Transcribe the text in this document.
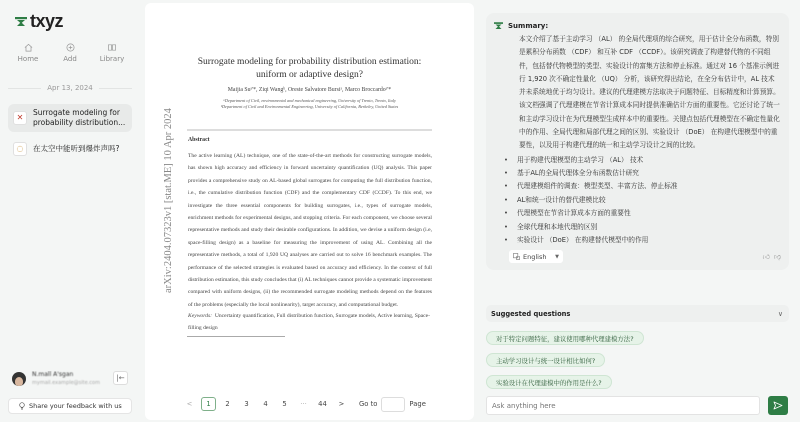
txyz
Home	Add	Library
Apr 13, 2024
✕
Surrogate modeling for probability distribution...
◌	在太空中能听到爆炸声吗?
N.mall A'sgan
mymail.example@site.com
|←
Share your feedback with us
arXiv:2404.07323v1 [stat.ME] 10 Apr 2024
Surrogate modeling for probability distribution estimation:
uniform or adaptive design?
Maijia Suᵃ'*, Ziqi Wangᵇ, Oreste Salvatore Bursiᵃ, Marco Broccardoᵃ'*
ᵃDepartment of Civil, environmental and mechanical engineering, University of Trento, Trento, Italy
ᵇDepartment of Civil and Environmental Engineering, University of California, Berkeley, United States
Abstract
The active learning (AL) technique, one of the state-of-the-art methods for constructing surrogate models, has shown high accuracy and efficiency in forward uncertainty quantification (UQ) analysis. This paper provides a comprehensive study on AL-based global surrogates for computing the full distribution function, i.e., the cumulative distribution function (CDF) and the complementary CDF (CCDF). To this end, we investigate the three essential components for building surrogates, i.e., types of surrogate models, enrichment methods for experimental designs, and stopping criteria. For each component, we choose several representative methods and study their desirable configurations. In addition, we devise a uniform design (i.e, space-filling design) as a baseline for measuring the improvement of using AL. Combining all the representative methods, a total of 1,920 UQ analyses are carried out to solve 16 benchmark examples. The performance of the selected strategies is evaluated based on accuracy and efficiency. In the context of full distribution estimation, this study concludes that (i) AL techniques cannot provide a systematic improvement compared with uniform designs, (ii) the recommended surrogate modeling methods depend on the features of the problems (especially the local nonlinearity), target accuracy, and computational budget.
Keywords: Uncertainty quantification, Full distribution function, Surrogate models, Active learning, Space-filling design
<	1	2	3	4	5	···	44	>	Go to	Page
Summary:
本文介绍了基于主动学习 （AL） 的全局代理项的综合研究，用于估计全分布函数，特别是累积分布函数 （CDF） 和互补 CDF （CCDF）。该研究调查了构建替代物的不同组件，包括替代物模型的类型、实验设计的富集方法和停止标准。通过对 16 个基准示例进行 1,920 次不确定性量化 （UQ） 分析，该研究得出结论，在全分布估计中，AL 技术并未系统地优于均匀设计。建议的代理建模方法取决于问题特征、目标精度和计算预算。该文档强调了代理建模在节省计算成本同时提供准确估计方面的重要性。它还讨论了统一和主动学习设计在为代理模型生成样本中的重要性。关键点包括代理模型在不确定性量化中的作用、全局代理和局部代理之间的区别、实验设计 （DoE） 在构建代理模型中的重要性，以及用于构建代理的统一和主动学习设计之间的比较。
• 用于构建代理模型的主动学习 （AL） 技术
• 基于AL的全局代理体全分布函数估计研究
• 代理建模组件的调查：模型类型、丰富方法、停止标准
• AL和统一设计的替代建模比较
• 代理模型在节省计算成本方面的重要性
• 全球代理和本地代理的区别
• 实验设计 （DoE） 在构建替代模型中的作用
English ▼	👍︎ 👎︎
Suggested questions	∨
对于特定问题特征，建议使用哪种代理建模方法?
主动学习设计与统一设计相比如何?
实验设计在代理建模中的作用是什么?
Ask anything here
